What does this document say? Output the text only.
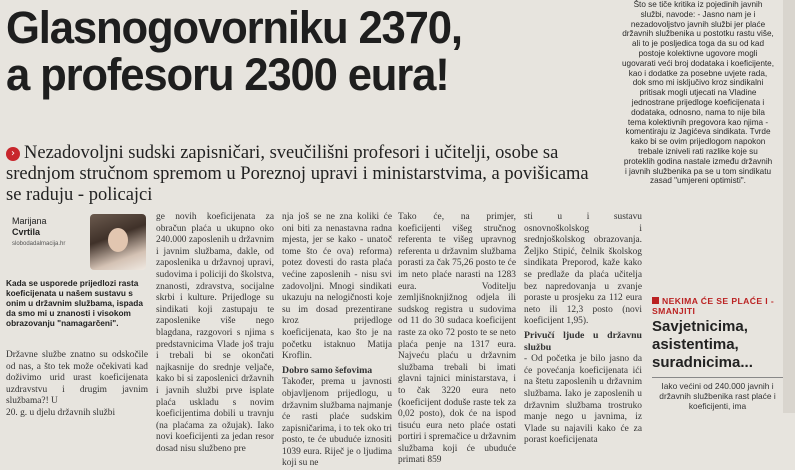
Glasnogovorniku 2370,
a profesoru 2300 eura!
› Nezadovoljni sudski zapisničari, sveučilišni profesori i učitelji, osobe sa srednjom stručnom spremom u Poreznoj upravi i ministarstvima, a povišicama se raduju - policajci
Marijana
Cvrtila
slobodadalmacija.hr
Kada se usporede prijedlozi rasta koeficijenata u našem sustavu s onim u državnim službama, ispada da smo mi u znanosti i visokom obrazovanju "namagarčeni".

Državne službe znatno su odskočile od nas, a što tek može očekivati kad doživimo urid urast koeficijenata uzdravstvu i drugim javnim službama?! U

20. g. u djelu državnih službi

ge novih koeficijenata za obračun plaća u ukupno oko 240.000 zaposlenih u državnim i javnim službama, dakle, od zaposlenika u državnoj upravi, sudovima i policiji do školstva, znanosti, zdravstva, socijalne skrbi i kulture. Prijedloge su sindikati koji zastupaju te zaposlenike više nego blagdana, razgovori s njima s predstavnicima Vlade još traju i trebali bi se okončati najkasnije do srednje veljače, kako bi si zaposlenici državnih i javnih službi prve isplate plaća uskladu s novim koeficijentima dobili u travnju (na plaćama za ožujak). Iako novi koeficijenti za jedan resor dosad nisu službeno pre

nja još se ne zna koliki će oni biti za nenastavna radna mjesta, jer se kako - unatoč tome što će ova) reforma) potez dovesti do rasta plaća većine zaposlenih - nisu svi zadovoljni. Mnogi sindikati ukazuju na nelogičnosti koje su im dosad prezentirane kroz prijedloge koeficijenata, kao što je na početku istaknuo Matija Kroflin.

Dobro samo šefovima

Također, prema u javnosti objavljenom prijedlogu, u državnim službama najmanje će rasti plaće sudskim zapisničarima, i to tek oko tri posto, te će ubuduće iznositi 1039 eura. Riječ je o ljudima koji su ne

Tako će, na primjer, koeficijenti višeg stručnog referenta te višeg upravnog referenta u državnim službama porasti za čak 75,26 posto te će im neto plaće narasti na 1283 eura. Voditelju zemljišnoknjižnog odjela ili sudskog registra u sudovima od 11 do 30 sudaca koeficijent raste za oko 72 posto te se neto plaća penje na 1317 eura. Najveću plaću u državnim službama trebali bi imati glavni tajnici ministarstava, i to čak 3220 eura neto (koeficijent doduše raste tek za 0,02 posto), dok će na ispod tisuću eura neto plaće ostati portiri i spremačice u državnim službama koji će ubuduće primati 859

sti u i sustavu osnovnoškolskog i srednjoškolskog obrazovanja. Željko Stipić, čelnik školskog sindikata Preporod, kaže kako se predlaže da plaća učitelja bez napredovanja u zvanje poraste u prosjeku za 112 eura neto ili 12,3 posto (novi koeficijent 1,95).

Privučí ljude u državnu službu

- Od početka je bilo jasno da će povećanja koeficijenata ići na štetu zaposlenih u državnim službama. Iako je zaposlenih u državnim službama trostruko manje nego u javnima, iz Vlade su najavili kako će za porast koeficijenata

Što se tiče kritika iz pojedinih javnih službi, navode: - Jasno nam je i nezadovoljstvo javnih službi jer plaće državnih službenika u postotku rastu više, ali to je posljedica toga da su od kad postoje kolektivne ugovore mogli ugovarati veći broj dodataka i koeficijente, kao i dodatke za posebne uvjete rada, dok smo mi isključivo kroz sindikalni pritisak mogli utjecati na Vladine jednostrane prijedloge koeficijenata i dodataka, odnosno, nama to nije bila tema kolektivnih pregovora kao njima - komentiraju iz Jagićeva sindikata. Tvrde kako bi se ovim prijedlogom napokon trebale izniveli rati razlike koje su proteklih godina nastale između državnih i javnih službenika pa se u tom sindikatu zasad "umjereni optimisti".
NEKIMA ĆE SE PLAĆE I - SMANJITI
Savjetnicima, asistentima, suradnicima...
Iako većini od 240.000 javnih i državnih službenika rast plaće i koeficijenti, ima
